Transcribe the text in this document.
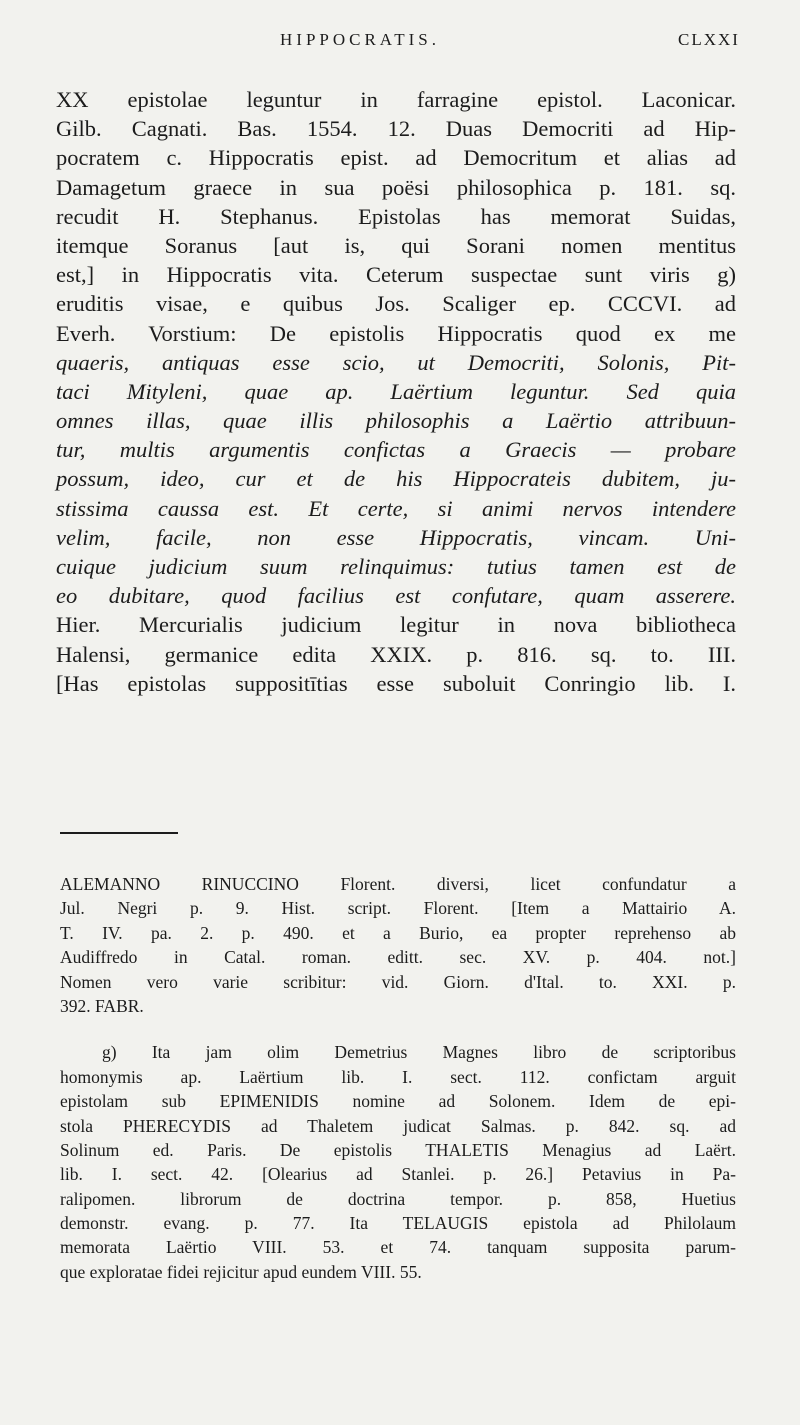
HIPPOCRATIS.	CLXXI
XX epistolae leguntur in farragine epistol. Laconicar.
Gilb. Cagnati. Bas. 1554. 12. Duas Democriti ad Hip-
pocratem c. Hippocratis epist. ad Democritum et alias ad
Damagetum graece in sua poësi philosophica p. 181. sq.
recudit H. Stephanus. Epistolas has memorat Suidas,
itemque Soranus [aut is, qui Sorani nomen mentitus
est,] in Hippocratis vita. Ceterum suspectae sunt viris g)
eruditis visae, e quibus Jos. Scaliger ep. CCCVI. ad
Everh. Vorstium: De epistolis Hippocratis quod ex me
quaeris, antiquas esse scio, ut Democriti, Solonis, Pit-
taci Mityleni, quae ap. Laërtium leguntur. Sed quia
omnes illas, quae illis philosophis a Laërtio attribuun-
tur, multis argumentis confictas a Graecis — probare
possum, ideo, cur et de his Hippocrateis dubitem, ju-
stissima caussa est. Et certe, si animi nervos intendere
velim, facile, non esse Hippocratis, vincam. Uni-
cuique judicium suum relinquimus: tutius tamen est de
eo dubitare, quod facilius est confutare, quam asserere.
Hier. Mercurialis judicium legitur in nova bibliotheca
Halensi, germanice edita XXIX. p. 816. sq. to. III.
[Has epistolas suppositītias esse suboluit Conringio lib. I.
ALEMANNO RINUCCINO Florent. diversi, licet confundatur a
Jul. Negri p. 9. Hist. script. Florent. [Item a Mattairio A.
T. IV. pa. 2. p. 490. et a Burio, ea propter reprehenso ab
Audiffredo in Catal. roman. editt. sec. XV. p. 404. not.]
Nomen vero varie scribitur: vid. Giorn. d'Ital. to. XXI. p.
392. FABR.
g) Ita jam olim Demetrius Magnes libro de scriptoribus
homonymis ap. Laërtium lib. I. sect. 112. confictam arguit
epistolam sub EPIMENIDIS nomine ad Solonem. Idem de epi-
stola PHERECYDIS ad Thaletem judicat Salmas. p. 842. sq. ad
Solinum ed. Paris. De epistolis THALETIS Menagius ad Laërt.
lib. I. sect. 42. [Olearius ad Stanlei. p. 26.] Petavius in Pa-
ralipomen. librorum de doctrina tempor. p. 858, Huetius
demonstr. evang. p. 77. Ita TELAUGIS epistola ad Philolaum
memorata Laërtio VIII. 53. et 74. tanquam supposita parum-
que exploratae fidei rejicitur apud eundem VIII. 55.
